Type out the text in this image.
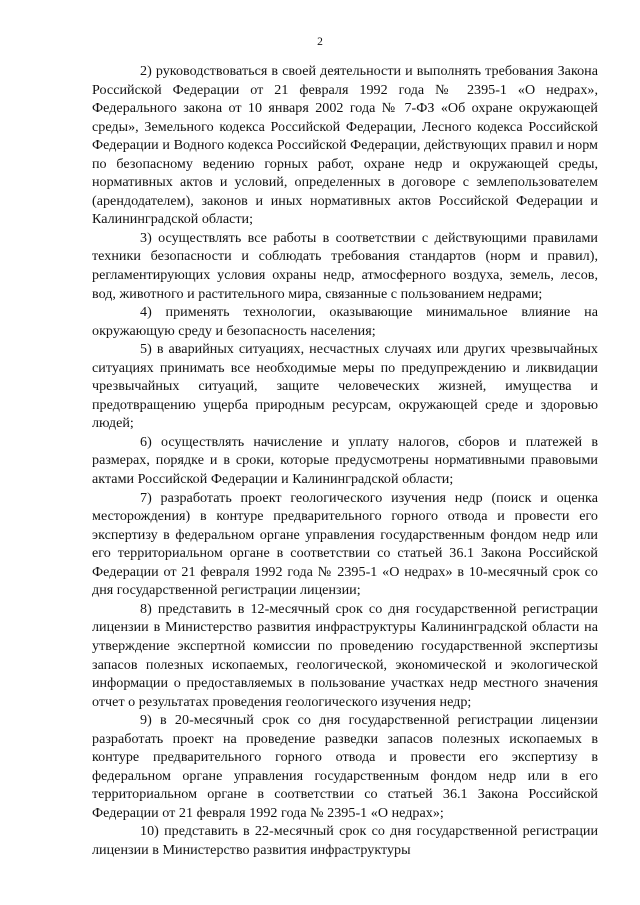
2

2) руководствоваться в своей деятельности и выполнять требования Закона Российской Федерации от 21 февраля 1992 года № 2395-1 «О недрах», Федерального закона от 10 января 2002 года № 7-ФЗ «Об охране окружающей среды», Земельного кодекса Российской Федерации, Лесного кодекса Российской Федерации и Водного кодекса Российской Федерации, действующих правил и норм по безопасному ведению горных работ, охране недр и окружающей среды, нормативных актов и условий, определенных в договоре с землепользователем (арендодателем), законов и иных нормативных актов Российской Федерации и Калининградской области;

3) осуществлять все работы в соответствии с действующими правилами техники безопасности и соблюдать требования стандартов (норм и правил), регламентирующих условия охраны недр, атмосферного воздуха, земель, лесов, вод, животного и растительного мира, связанные с пользованием недрами;

4) применять технологии, оказывающие минимальное влияние на окружающую среду и безопасность населения;

5) в аварийных ситуациях, несчастных случаях или других чрезвычайных ситуациях принимать все необходимые меры по предупреждению и ликвидации чрезвычайных ситуаций, защите человеческих жизней, имущества и предотвращению ущерба природным ресурсам, окружающей среде и здоровью людей;

6) осуществлять начисление и уплату налогов, сборов и платежей в размерах, порядке и в сроки, которые предусмотрены нормативными правовыми актами Российской Федерации и Калининградской области;

7) разработать проект геологического изучения недр (поиск и оценка месторождения) в контуре предварительного горного отвода и провести его экспертизу в федеральном органе управления государственным фондом недр или его территориальном органе в соответствии со статьей 36.1 Закона Российской Федерации от 21 февраля 1992 года № 2395-1 «О недрах» в 10-месячный срок со дня государственной регистрации лицензии;

8) представить в 12-месячный срок со дня государственной регистрации лицензии в Министерство развития инфраструктуры Калининградской области на утверждение экспертной комиссии по проведению государственной экспертизы запасов полезных ископаемых, геологической, экономической и экологической информации о предоставляемых в пользование участках недр местного значения отчет о результатах проведения геологического изучения недр;

9) в 20-месячный срок со дня государственной регистрации лицензии разработать проект на проведение разведки запасов полезных ископаемых в контуре предварительного горного отвода и провести его экспертизу в федеральном органе управления государственным фондом недр или в его территориальном органе в соответствии со статьей 36.1 Закона Российской Федерации от 21 февраля 1992 года № 2395-1 «О недрах»;

10) представить в 22-месячный срок со дня государственной регистрации лицензии в Министерство развития инфраструктуры
